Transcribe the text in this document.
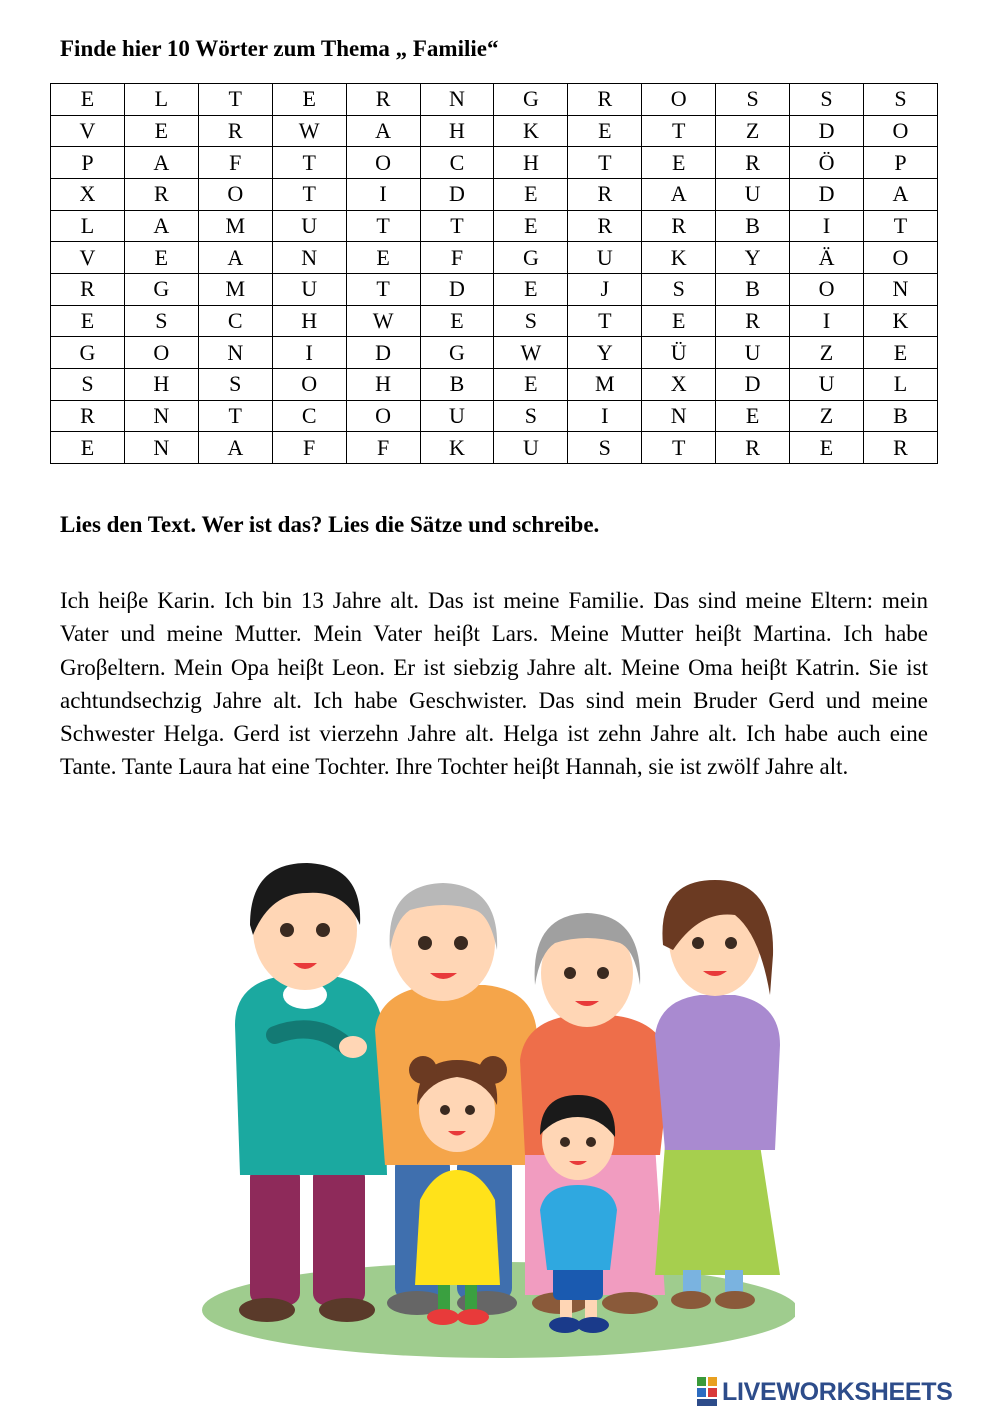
Finde hier 10 Wörter zum Thema „ Familie“
E	L	T	E	R	N	G	R	O	S	S	S
V	E	R	W	A	H	K	E	T	Z	D	O
P	A	F	T	O	C	H	T	E	R	Ö	P
X	R	O	T	I	D	E	R	A	U	D	A
L	A	M	U	T	T	E	R	R	B	I	T
V	E	A	N	E	F	G	U	K	Y	Ä	O
R	G	M	U	T	D	E	J	S	B	O	N
E	S	C	H	W	E	S	T	E	R	I	K
G	O	N	I	D	G	W	Y	Ü	U	Z	E
S	H	S	O	H	B	E	M	X	D	U	L
R	N	T	C	O	U	S	I	N	E	Z	B
E	N	A	F	F	K	U	S	T	R	E	R
Lies den Text. Wer ist das? Lies die Sätze und schreibe.

Ich heiβe Karin. Ich bin 13 Jahre alt. Das ist meine Familie. Das sind meine Eltern: mein Vater und meine Mutter. Mein Vater heiβt Lars. Meine Mutter heiβt Martina. Ich habe Groβeltern. Mein Opa heiβt Leon. Er ist siebzig Jahre alt. Meine Oma heiβt Katrin. Sie ist achtundsechzig Jahre alt. Ich habe Geschwister. Das sind mein Bruder Gerd und meine Schwester Helga. Gerd ist vierzehn Jahre alt. Helga ist zehn Jahre alt. Ich habe auch eine Tante. Tante Laura hat eine Tochter. Ihre Tochter heiβt Hannah, sie ist zwölf Jahre alt.

LIVEWORKSHEETS
